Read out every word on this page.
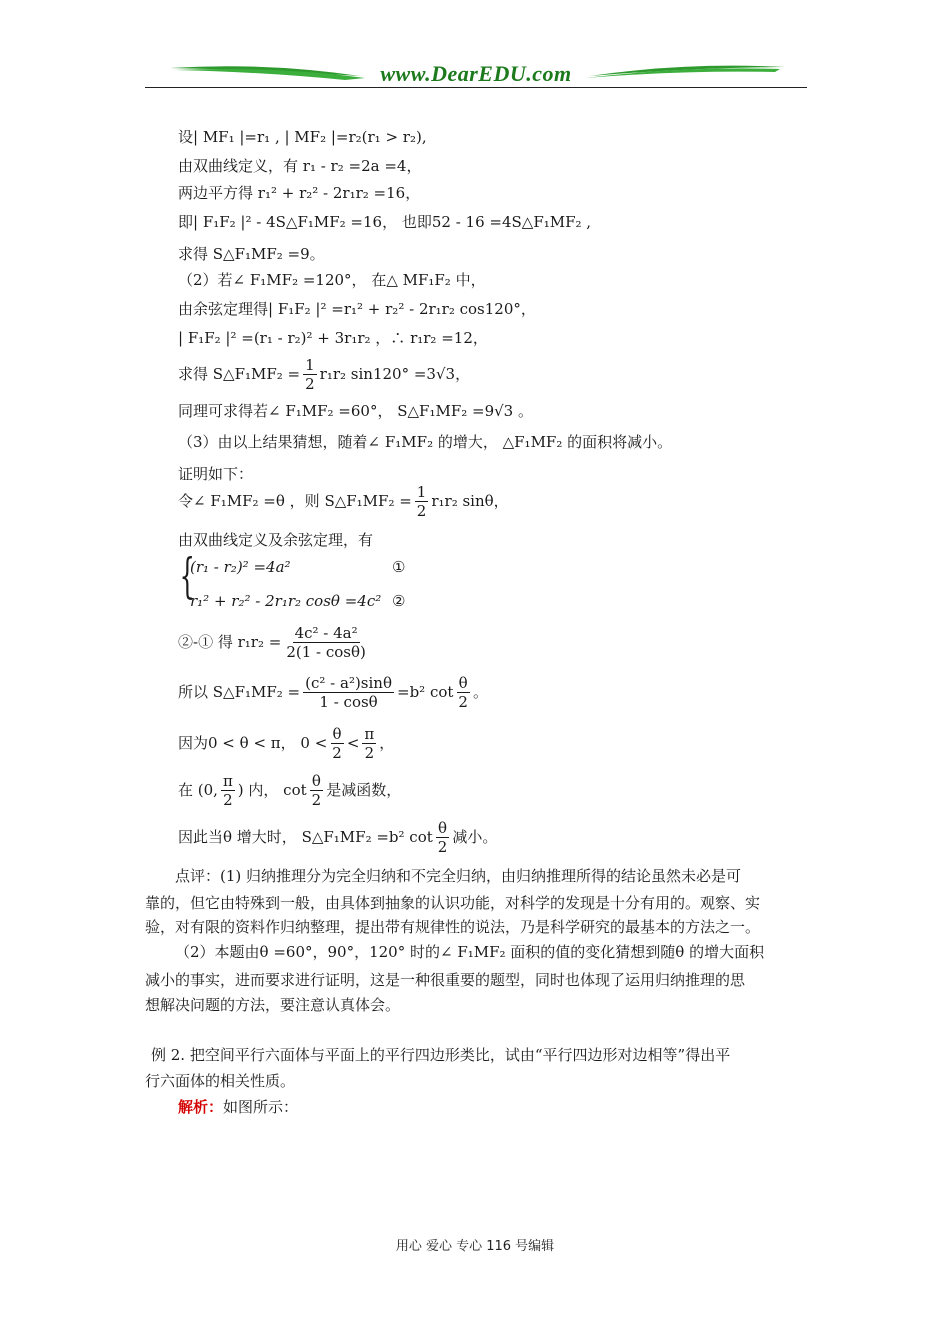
www.DearEDU.com
设| MF₁ |=r₁ , | MF₂ |=r₂(r₁ > r₂),
由双曲线定义，有 r₁ - r₂ =2a =4，
两边平方得 r₁² + r₂² - 2r₁r₂ =16，
即| F₁F₂ |² - 4S△F₁MF₂ =16， 也即52 - 16 =4S△F₁MF₂ ,
求得 S△F₁MF₂ =9。
（2）若∠ F₁MF₂ =120°， 在△ MF₁F₂ 中，
由余弦定理得| F₁F₂ |² =r₁² + r₂² - 2r₁r₂ cos120°，
| F₁F₂ |² =(r₁ - r₂)² + 3r₁r₂ ，∴ r₁r₂ =12，
求得 S△F₁MF₂ = $\frac{1}{2} r_1r_2$ sin120° =3√3，
同理可求得若∠ F₁MF₂ =60°， S△F₁MF₂ =9√3 。
（3）由以上结果猜想，随着∠ F₁MF₂ 的增大， △F₁MF₂ 的面积将减小。
证明如下：
令∠ F₁MF₂ =θ ，则 S△F₁MF₂ = $\frac{1}{2} r_1r_2$ sinθ，
由双曲线定义及余弦定理，有
{
(r₁ - r₂)² =4a²	①
r₁² + r₂² - 2r₁r₂ cosθ =4c² ②
②-① 得 $r_1r_2 = \frac{\text{4c² - 4a²}}{2(1 - \cos\theta)}$
所以 S△F₁MF₂ = $\frac{\text{(c² - a²)sinθ}}{1 - \cos\theta} =b^2$ $\cot \frac{\theta}{2}$ 。
因为0 < θ < π， $0 < \frac{\theta}{2} < \frac{\pi}{2}$ ，
在 (0, $\frac{\pi}{2}$ ) 内， $\cot \frac{\theta}{2}$ 是减函数，
因此当θ 增大时， S△F₁MF₂ =b² $\cot \frac{\theta}{2}$ 减小。
点评：(1) 归纳推理分为完全归纳和不完全归纳，由归纳推理所得的结论虽然未必是可
靠的，但它由特殊到一般，由具体到抽象的认识功能，对科学的发现是十分有用的。观察、实
验，对有限的资料作归纳整理，提出带有规律性的说法，乃是科学研究的最基本的方法之一。
（2）本题由θ =60°，90°，120° 时的∠ F₁MF₂ 面积的值的变化猜想到随θ 的增大面积
减小的事实，进而要求进行证明，这是一种很重要的题型，同时也体现了运用归纳推理的思
想解决问题的方法，要注意认真体会。
例 2. 把空间平行六面体与平面上的平行四边形类比，试由“平行四边形对边相等”得出平
行六面体的相关性质。
解析：如图所示：
用心 爱心 专心 116 号编辑
